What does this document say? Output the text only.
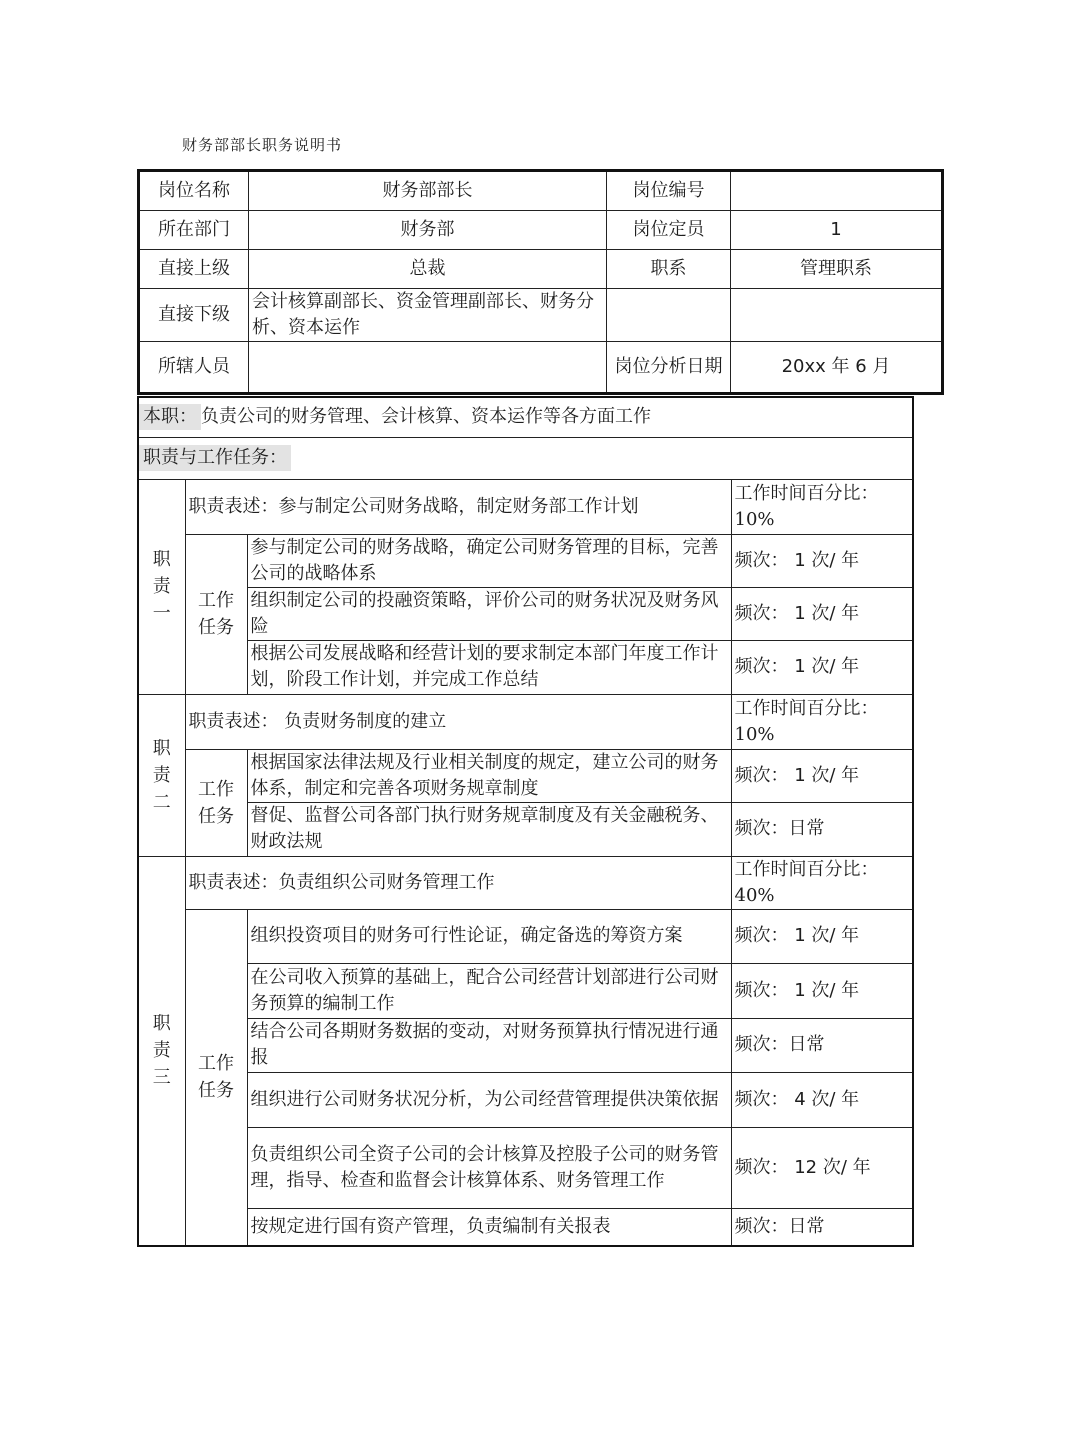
财务部部长职务说明书
岗位名称	财务部部长	岗位编号	
所在部门	财务部	岗位定员	1
直接上级	总裁	职系	管理职系
直接下级	会计核算副部长、资金管理副部长、财务分析、资本运作		
所辖人员		岗位分析日期	20xx 年 6 月
本职： 负责公司的财务管理、会计核算、资本运作等各方面工作			
职责与工作任务：			

职责一	职责表述：参与制定公司财务战略，制定财务部工作计划		工作时间百分比：10%

	工作任务	参与制定公司的财务战略，确定公司财务管理的目标，完善公司的战略体系	频次： 1 次/ 年
		组织制定公司的投融资策略，评价公司的财务状况及财务风险	频次： 1 次/ 年
		根据公司发展战略和经营计划的要求制定本部门年度工作计划，阶段工作计划，并完成工作总结	频次： 1 次/ 年

职责二	职责表述： 负责财务制度的建立		工作时间百分比：10%

	工作任务	根据国家法律法规及行业相关制度的规定，建立公司的财务体系，制定和完善各项财务规章制度	频次： 1 次/ 年
		督促、监督公司各部门执行财务规章制度及有关金融税务、财政法规	频次：日常

职责三	职责表述：负责组织公司财务管理工作		工作时间百分比：40%

	工作任务	组织投资项目的财务可行性论证，确定备选的筹资方案	频次： 1 次/ 年
		在公司收入预算的基础上，配合公司经营计划部进行公司财务预算的编制工作	频次： 1 次/ 年
		结合公司各期财务数据的变动，对财务预算执行情况进行通报	频次：日常
		组织进行公司财务状况分析，为公司经营管理提供决策依据	频次： 4 次/ 年
		负责组织公司全资子公司的会计核算及控股子公司的财务管理，指导、检查和监督会计核算体系、财务管理工作	频次： 12 次/ 年
		按规定进行国有资产管理，负责编制有关报表	频次：日常
